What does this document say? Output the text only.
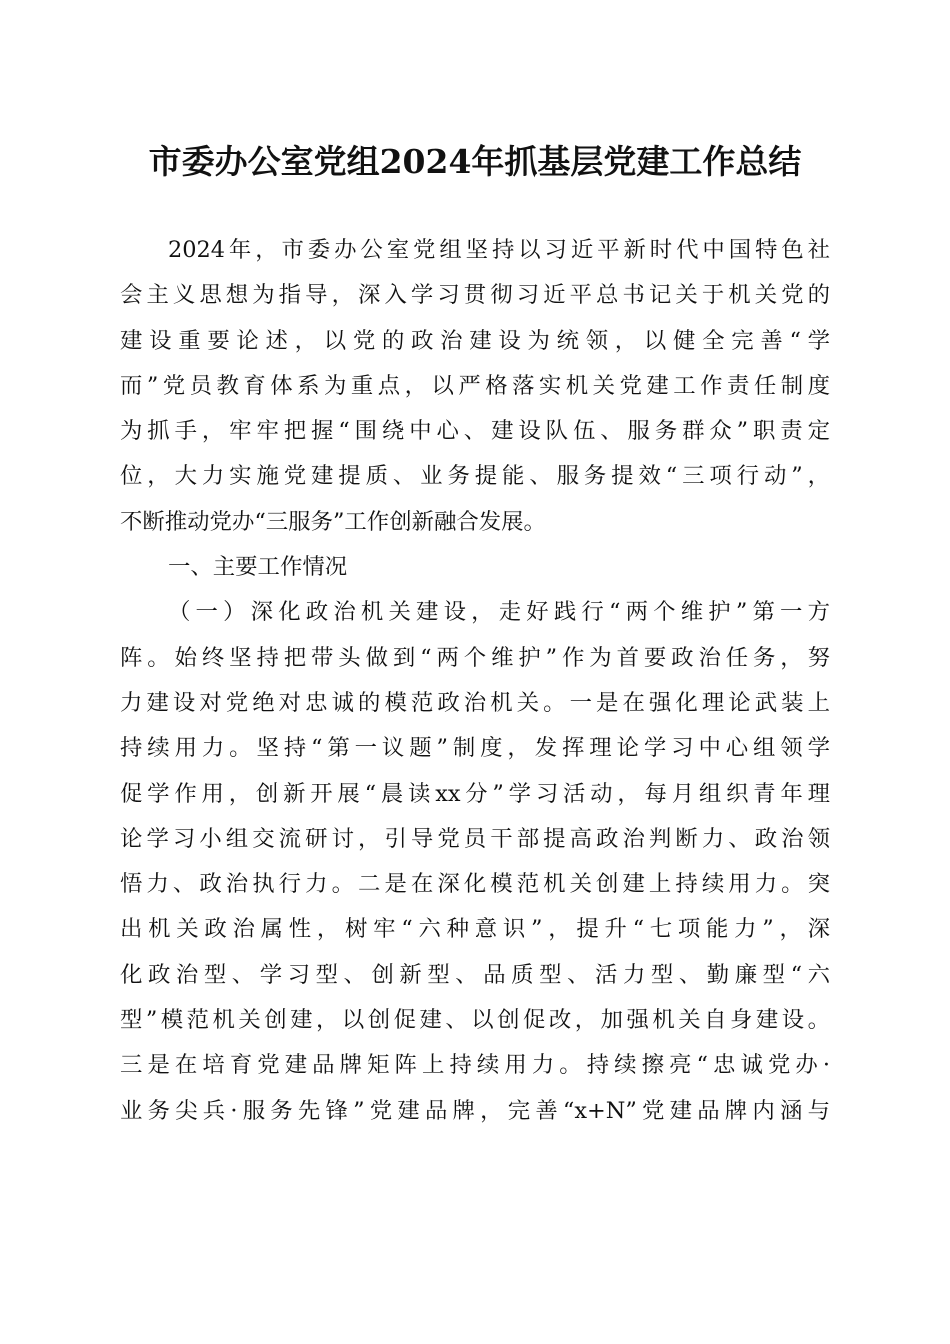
市委办公室党组2024年抓基层党建工作总结
2024年，市委办公室党组坚持以习近平新时代中国特色社
会主义思想为指导，深入学习贯彻习近平总书记关于机关党的
建设重要论述，以党的政治建设为统领，以健全完善“学
而”党员教育体系为重点，以严格落实机关党建工作责任制度
为抓手，牢牢把握“围绕中心、建设队伍、服务群众”职责定
位，大力实施党建提质、业务提能、服务提效“三项行动”，
不断推动党办“三服务”工作创新融合发展。
一、主要工作情况
（一）深化政治机关建设，走好践行“两个维护”第一方
阵。始终坚持把带头做到“两个维护”作为首要政治任务，努
力建设对党绝对忠诚的模范政治机关。一是在强化理论武装上
持续用力。坚持“第一议题”制度，发挥理论学习中心组领学
促学作用，创新开展“晨读xx分”学习活动，每月组织青年理
论学习小组交流研讨，引导党员干部提高政治判断力、政治领
悟力、政治执行力。二是在深化模范机关创建上持续用力。突
出机关政治属性，树牢“六种意识”，提升“七项能力”，深
化政治型、学习型、创新型、品质型、活力型、勤廉型“六
型”模范机关创建，以创促建、以创促改，加强机关自身建设。
三是在培育党建品牌矩阵上持续用力。持续擦亮“忠诚党办·
业务尖兵·服务先锋”党建品牌，完善“x+N”党建品牌内涵与
